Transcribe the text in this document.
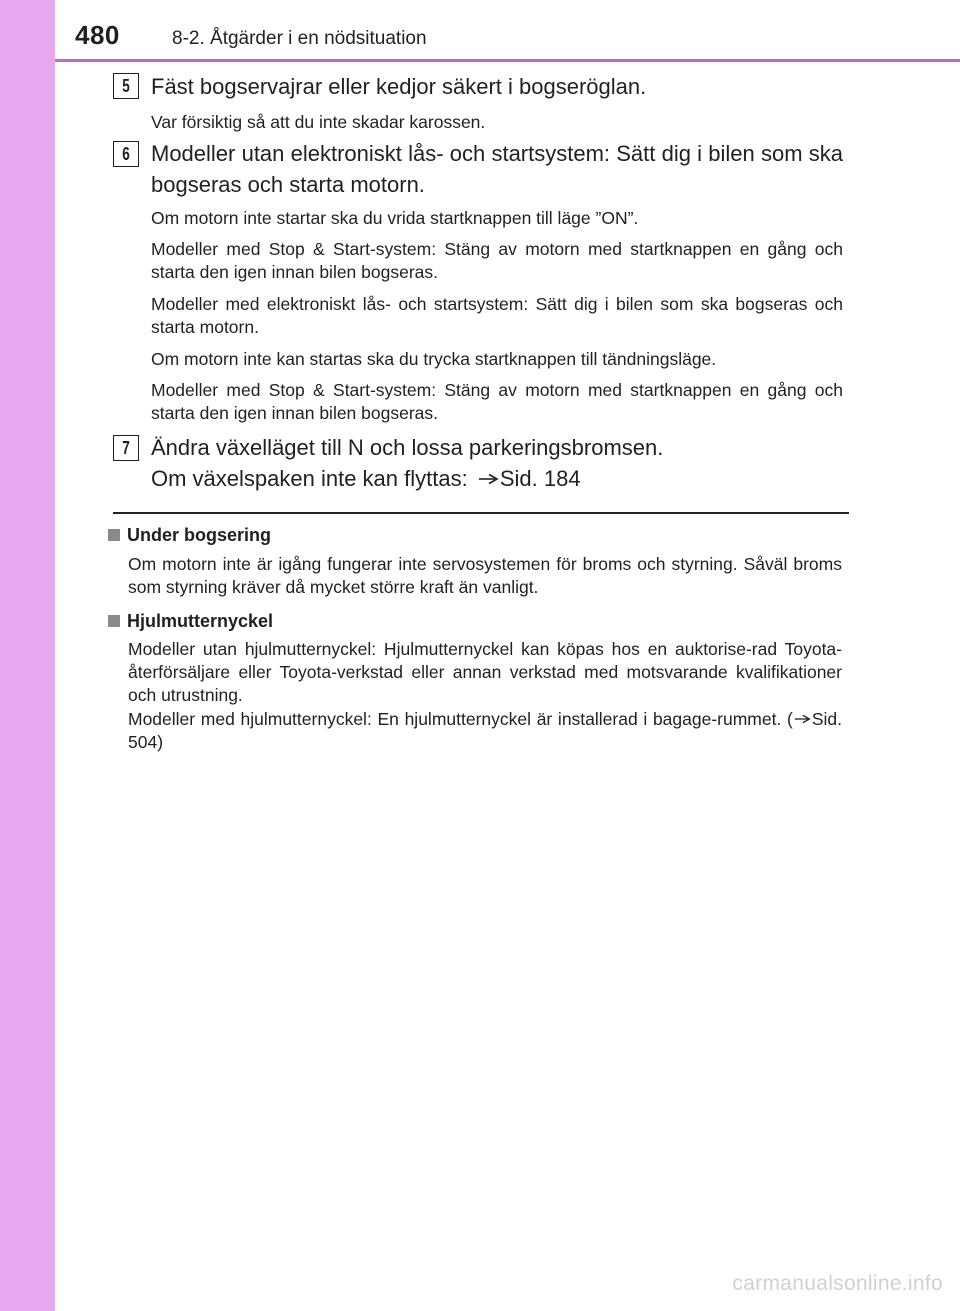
480	8-2. Åtgärder i en nödsituation
5 Fäst bogservajrar eller kedjor säkert i bogseröglan.
Var försiktig så att du inte skadar karossen.
6 Modeller utan elektroniskt lås- och startsystem: Sätt dig i bilen som ska bogseras och starta motorn.
Om motorn inte startar ska du vrida startknappen till läge ”ON”.
Modeller med Stop & Start-system: Stäng av motorn med startknappen en gång och starta den igen innan bilen bogseras.
Modeller med elektroniskt lås- och startsystem: Sätt dig i bilen som ska bogseras och starta motorn.
Om motorn inte kan startas ska du trycka startknappen till tändningsläge.
Modeller med Stop & Start-system: Stäng av motorn med startknappen en gång och starta den igen innan bilen bogseras.
7 Ändra växelläget till N och lossa parkeringsbromsen.
Om växelspaken inte kan flyttas: Sid. 184
Under bogsering
Om motorn inte är igång fungerar inte servosystemen för broms och styrning. Såväl broms som styrning kräver då mycket större kraft än vanligt.
Hjulmutternyckel
Modeller utan hjulmutternyckel: Hjulmutternyckel kan köpas hos en auktorise-rad Toyota-återförsäljare eller Toyota-verkstad eller annan verkstad med motsvarande kvalifikationer och utrustning.
Modeller med hjulmutternyckel: En hjulmutternyckel är installerad i bagage-rummet. ( Sid. 504)
carmanualsonline.info
